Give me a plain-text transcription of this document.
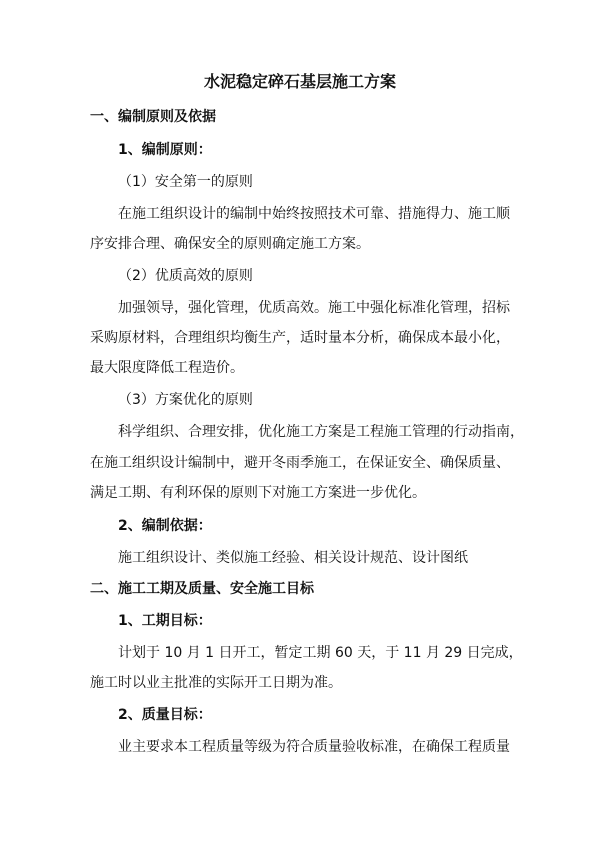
水泥稳定碎石基层施工方案
一、编制原则及依据
1、编制原则：
（1）安全第一的原则
在施工组织设计的编制中始终按照技术可靠、措施得力、施工顺
序安排合理、确保安全的原则确定施工方案。
（2）优质高效的原则
加强领导，强化管理，优质高效。施工中强化标准化管理，招标
采购原材料，合理组织均衡生产，适时量本分析，确保成本最小化，
最大限度降低工程造价。
（3）方案优化的原则
科学组织、合理安排，优化施工方案是工程施工管理的行动指南，
在施工组织设计编制中，避开冬雨季施工，在保证安全、确保质量、
满足工期、有利环保的原则下对施工方案进一步优化。
2、编制依据：
施工组织设计、类似施工经验、相关设计规范、设计图纸
二、施工工期及质量、安全施工目标
1、工期目标：
计划于 10 月 1 日开工，暂定工期 60 天，于 11 月 29 日完成，
施工时以业主批准的实际开工日期为准。
2、质量目标：
业主要求本工程质量等级为符合质量验收标准，在确保工程质量
